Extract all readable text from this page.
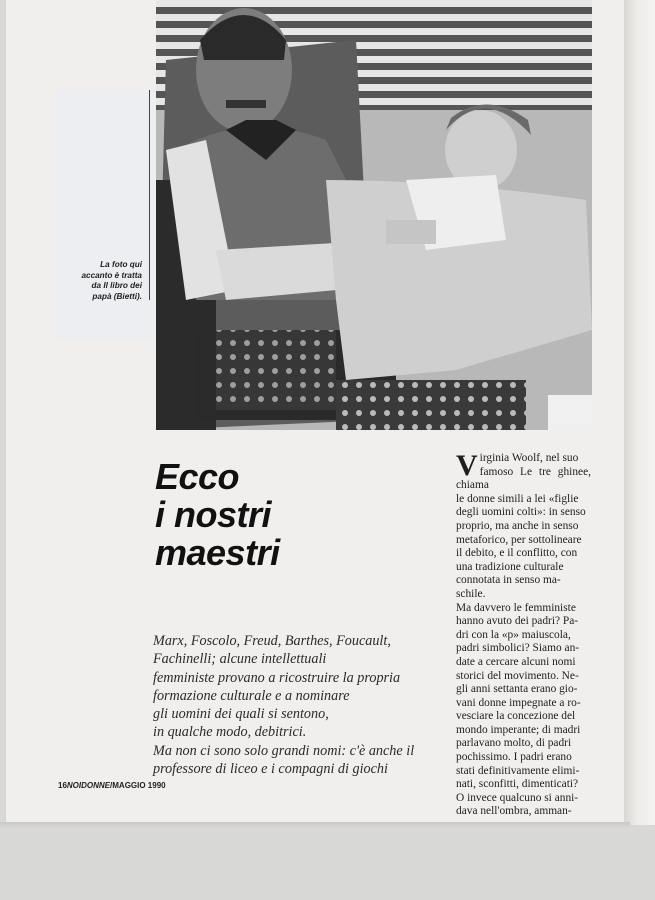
La foto qui
accanto è tratta
da Il libro dei
papà (Bietti).
Ecco
i nostri
maestri
Marx, Foscolo, Freud, Barthes, Foucault,
Fachinelli; alcune intellettuali
femministe provano a ricostruire la propria
formazione culturale e a nominare
gli uomini dei quali si sentono,
in qualche modo, debitrici.
Ma non ci sono solo grandi nomi: c'è anche il
professore di liceo e i compagni di giochi
V irginia Woolf, nel suo
famoso Le tre ghinee, chiama
le donne simili a lei «figlie
degli uomini colti»: in senso
proprio, ma anche in senso
metaforico, per sottolineare
il debito, e il conflitto, con
una tradizione culturale
connotata in senso ma-
schile.

Ma davvero le femministe
hanno avuto dei padri? Pa-
dri con la «p» maiuscola,
padri simbolici? Siamo an-
date a cercare alcuni nomi
storici del movimento. Ne-
gli anni settanta erano gio-
vani donne impegnate a ro-
vesciare la concezione del
mondo imperante; di madri
parlavano molto, di padri
pochissimo. I padri erano
stati definitivamente elimi-
nati, sconfitti, dimenticati?
O invece qualcuno si anni-
dava nell'ombra, amman-

16NOIDONNE/MAGGIO 1990
